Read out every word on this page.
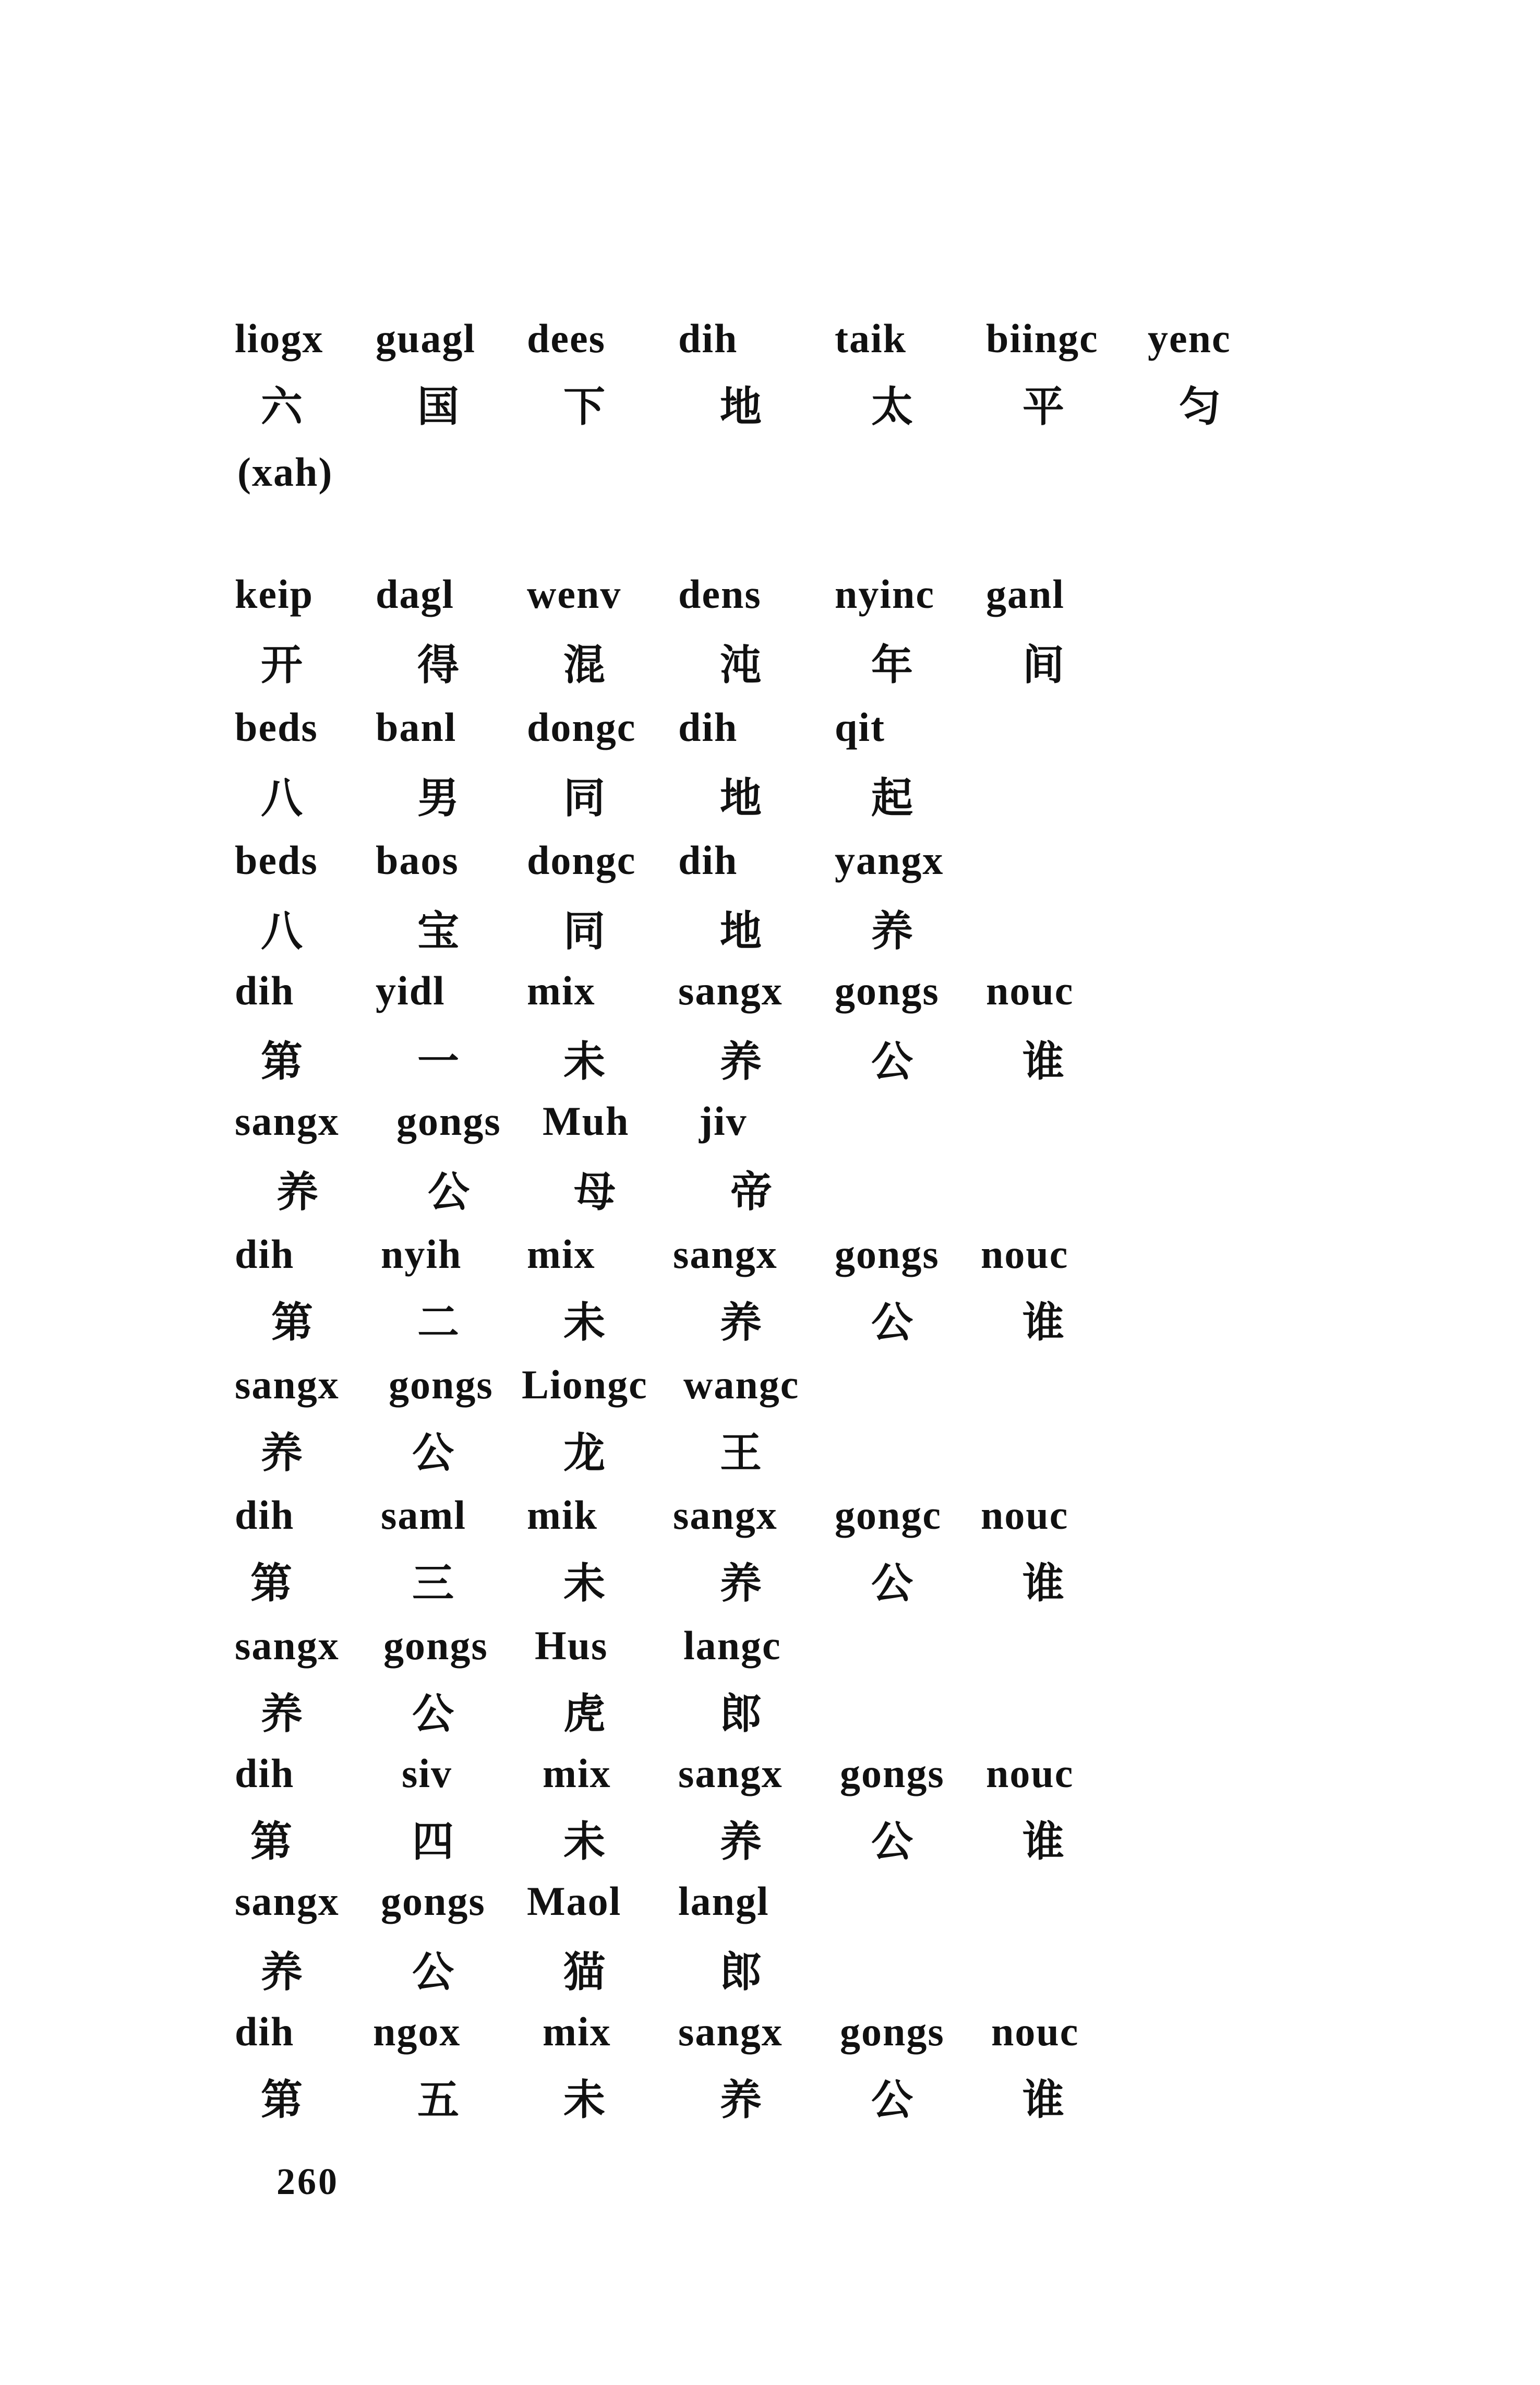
liogx guagl dees dih taik biingc yenc
六	国	下	地	太	平	匀
(xah)
keip dagl wenv dens nyinc ganl
开	得	混	沌	年	间
beds banl dongc dih qit
八	男	同	地	起
beds baos dongc dih yangx
八	宝	同	地	养
dih yidl mix sangx gongs nouc
第	一	未	养	公	谁
sangx gongs Muh jiv
养	公	母	帝
dih nyih mix sangx gongs nouc
第	二	未	养	公	谁
sangx gongs Liongc wangc
养	公	龙	王
dih saml mik sangx gongc nouc
第	三	未	养	公	谁
sangx gongs Hus langc
养	公	虎	郎
dih	siv mix sangx gongs nouc
第	四	未	养	公	谁
sangx gongs Maol langl
养	公	猫	郎
dih ngox mix sangx gongs nouc
第	五	未	养	公	谁
260
